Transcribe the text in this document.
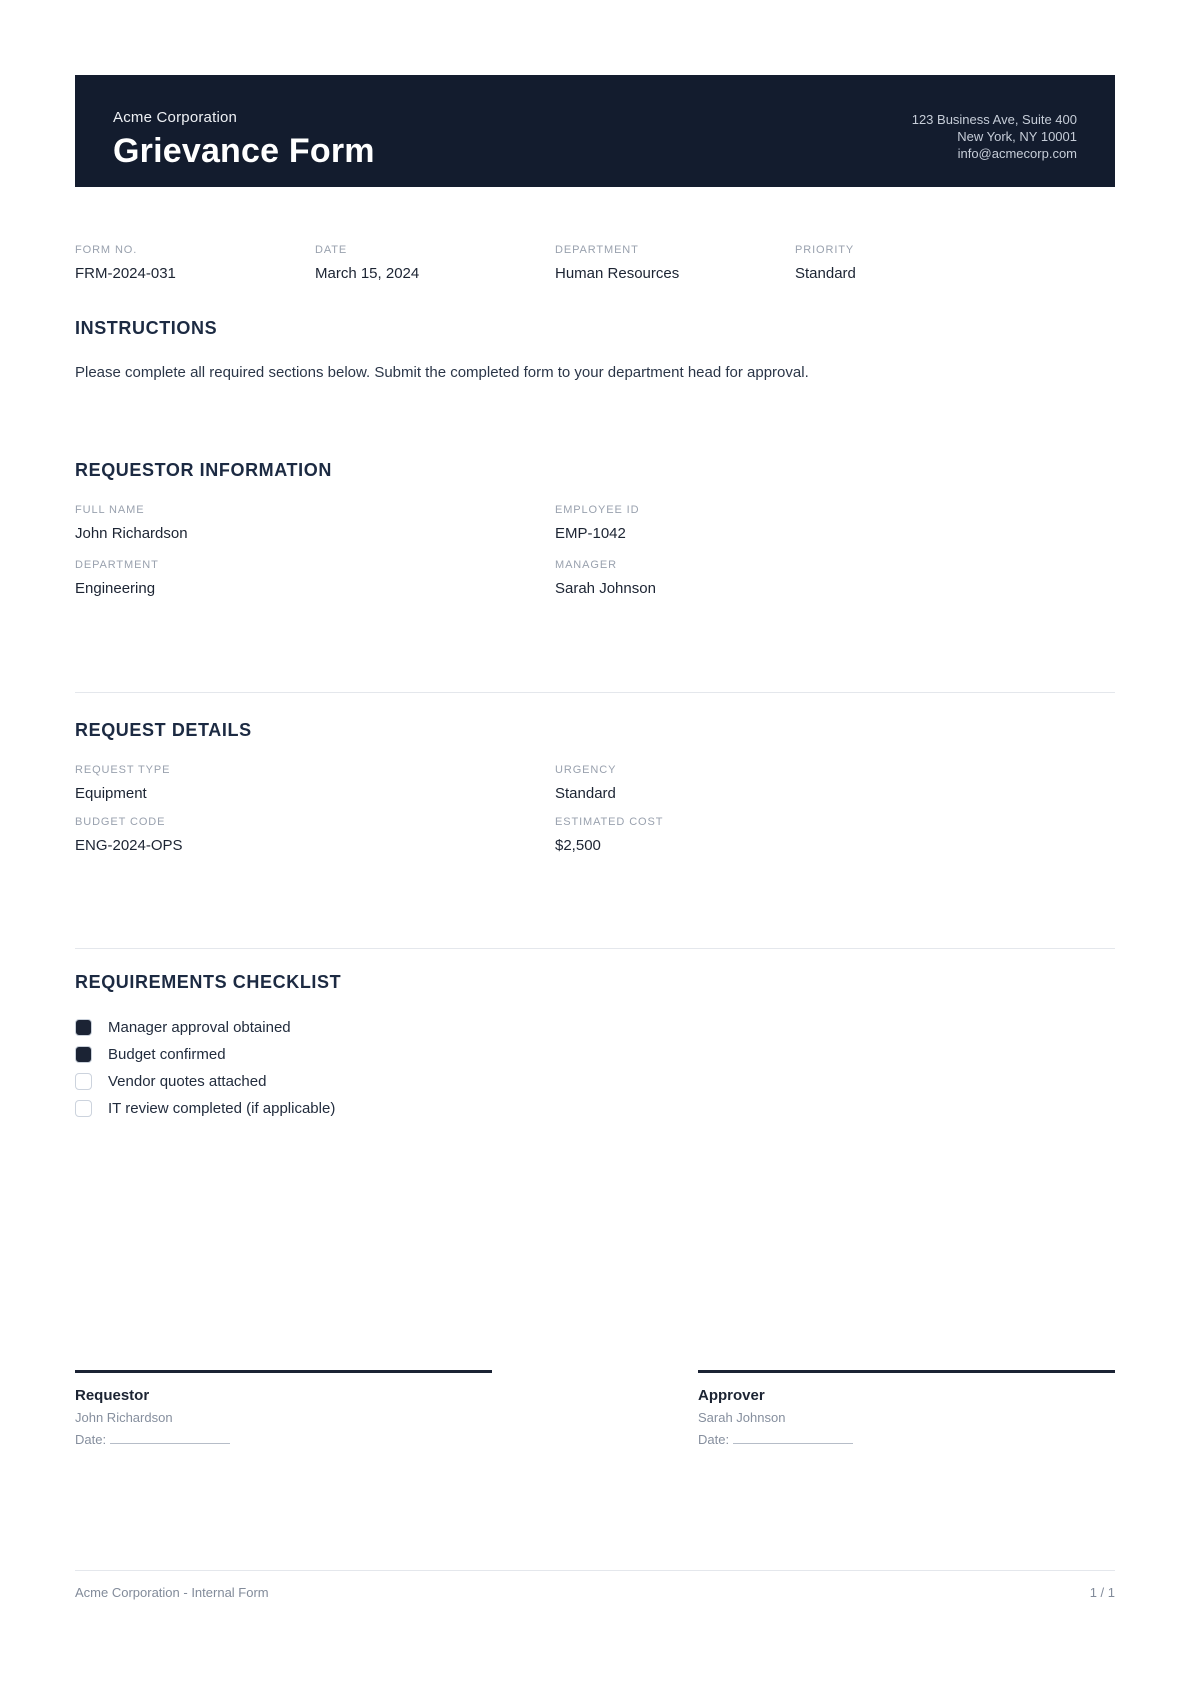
Acme Corporation
Grievance Form
123 Business Ave, Suite 400
New York, NY 10001
info@acmecorp.com
FORM NO.
FRM-2024-031
DATE
March 15, 2024
DEPARTMENT
Human Resources
PRIORITY
Standard
INSTRUCTIONS

Please complete all required sections below. Submit the completed form to your department head for approval.

REQUESTOR INFORMATION
FULL NAME
John Richardson
EMPLOYEE ID
EMP-1042
DEPARTMENT
Engineering
MANAGER
Sarah Johnson
REQUEST DETAILS
REQUEST TYPE
Equipment
URGENCY
Standard
BUDGET CODE
ENG-2024-OPS
ESTIMATED COST
$2,500
REQUIREMENTS CHECKLIST
Manager approval obtained
Budget confirmed
Vendor quotes attached
IT review completed (if applicable)
Requestor
John Richardson
Date:
Approver
Sarah Johnson
Date:
Acme Corporation - Internal Form	1 / 1
